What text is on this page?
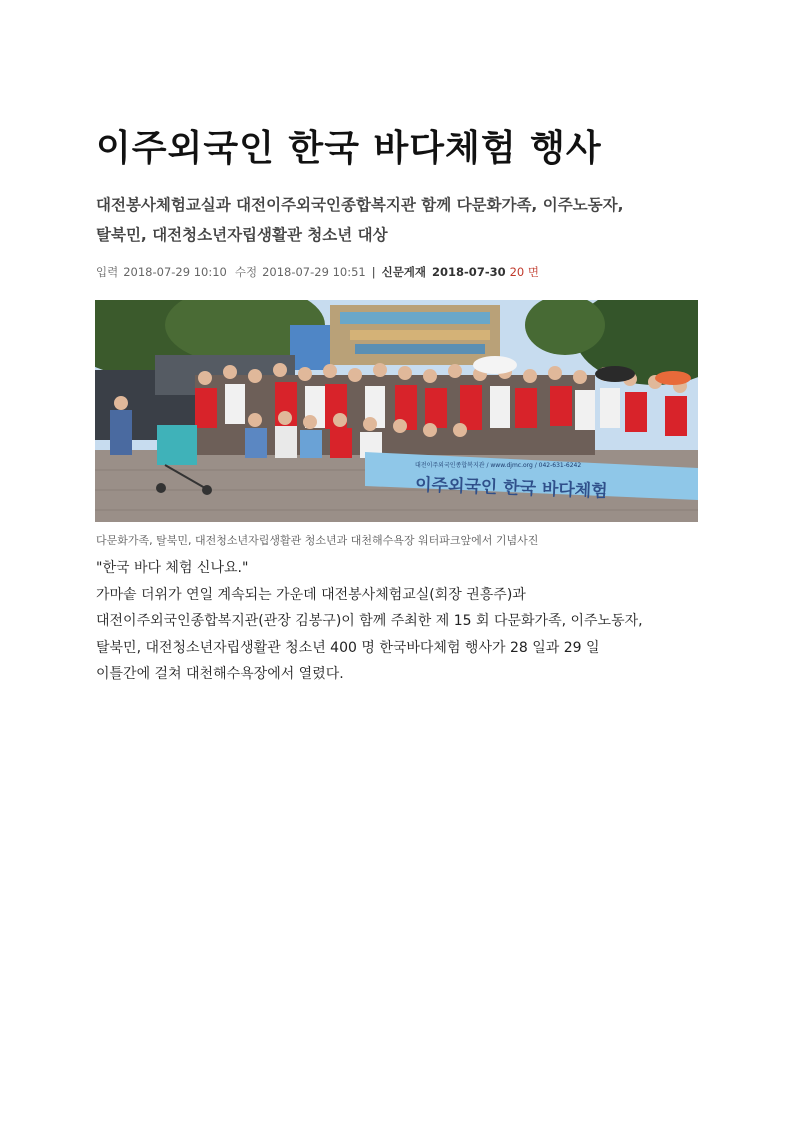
이주외국인 한국 바다체험 행사
대전봉사체험교실과 대전이주외국인종합복지관 함께 다문화가족, 이주노동자,
탈북민, 대전청소년자립생활관 청소년 대상
입력 2018-07-29 10:10 수정 2018-07-29 10:51 | 신문게재 2018-07-30 20 면
대전이주외국인종합복지관 / www.djmc.org / 042-631-6242
이주외국인 한국 바다체험
다문화가족, 탈북민, 대전청소년자립생활관 청소년과 대천해수욕장 워터파크앞에서 기념사진

"한국 바다 체험 신나요."

가마솥 더위가 연일 계속되는 가운데 대전봉사체험교실(회장 권흥주)과

대전이주외국인종합복지관(관장 김봉구)이 함께 주최한 제 15 회 다문화가족, 이주노동자,

탈북민, 대전청소년자립생활관 청소년 400 명 한국바다체험 행사가 28 일과 29 일

이틀간에 걸쳐 대천해수욕장에서 열렸다.
